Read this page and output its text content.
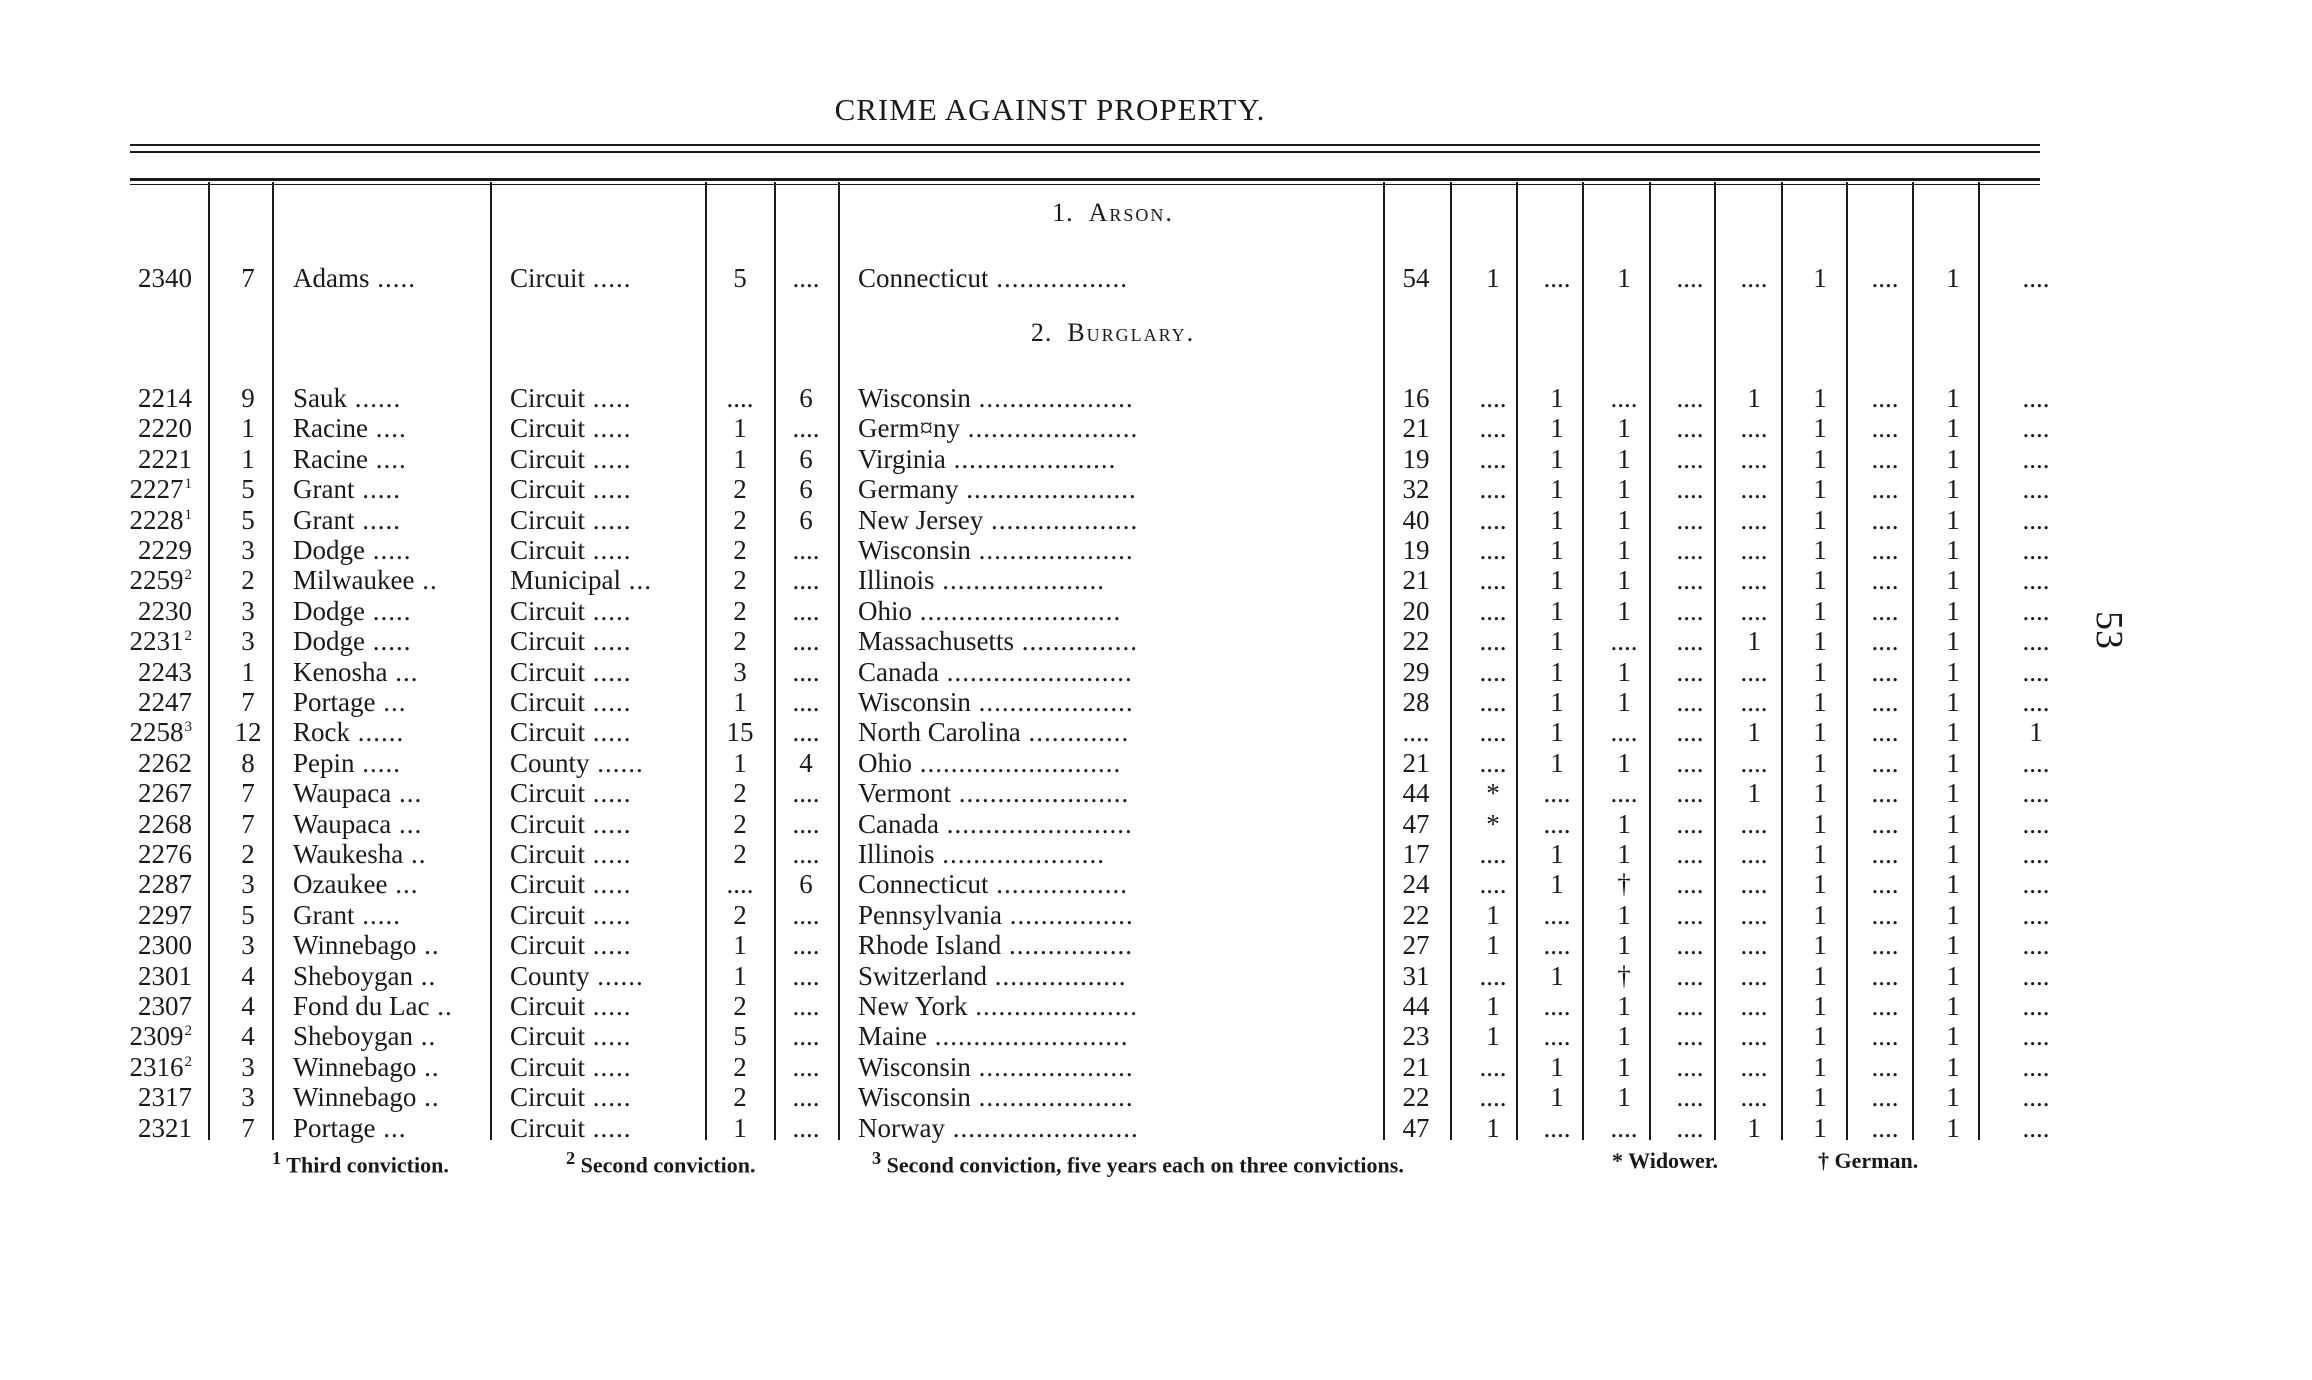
CRIME AGAINST PROPERTY.
53
1. Arson.
2. Burglary.
2340	7	Adams .....	Circuit .....	5	....	Connecticut .................	54	1	....	1	....	....	1	....	1	....
2214	9	Sauk ......	Circuit .....	....	6	Wisconsin ....................	16	....	1	....	....	1	1	....	1	....
2220	1	Racine ....	Circuit .....	1	....	Germ¤ny ......................	21	....	1	1	....	....	1	....	1	....
2221	1	Racine ....	Circuit .....	1	6	Virginia .....................	19	....	1	1	....	....	1	....	1	....
2227$^1$	5	Grant .....	Circuit .....	2	6	Germany ......................	32	....	1	1	....	....	1	....	1	....
2228$^1$	5	Grant .....	Circuit .....	2	6	New Jersey ...................	40	....	1	1	....	....	1	....	1	....
2229	3	Dodge .....	Circuit .....	2	....	Wisconsin ....................	19	....	1	1	....	....	1	....	1	....
2259$^2$	2	Milwaukee ..	Municipal ...	2	....	Illinois .....................	21	....	1	1	....	....	1	....	1	....
2230	3	Dodge .....	Circuit .....	2	....	Ohio ..........................	20	....	1	1	....	....	1	....	1	....
2231$^2$	3	Dodge .....	Circuit .....	2	....	Massachusetts ...............	22	....	1	....	....	1	1	....	1	....
2243	1	Kenosha ...	Circuit .....	3	....	Canada ........................	29	....	1	1	....	....	1	....	1	....
2247	7	Portage ...	Circuit .....	1	....	Wisconsin ....................	28	....	1	1	....	....	1	....	1	....
2258$^3$	12	Rock ......	Circuit .....	15	....	North Carolina .............	....	....	1	....	....	1	1	....	1	1
2262	8	Pepin .....	County ......	1	4	Ohio ..........................	21	....	1	1	....	....	1	....	1	....
2267	7	Waupaca ...	Circuit .....	2	....	Vermont ......................	44	*	....	....	....	1	1	....	1	....
2268	7	Waupaca ...	Circuit .....	2	....	Canada ........................	47	*	....	1	....	....	1	....	1	....
2276	2	Waukesha ..	Circuit .....	2	....	Illinois .....................	17	....	1	1	....	....	1	....	1	....
2287	3	Ozaukee ...	Circuit .....	....	6	Connecticut .................	24	....	1	†	....	....	1	....	1	....
2297	5	Grant .....	Circuit .....	2	....	Pennsylvania ................	22	1	....	1	....	....	1	....	1	....
2300	3	Winnebago ..	Circuit .....	1	....	Rhode Island ................	27	1	....	1	....	....	1	....	1	....
2301	4	Sheboygan ..	County ......	1	....	Switzerland .................	31	....	1	†	....	....	1	....	1	....
2307	4	Fond du Lac .. Circuit .....	2	....	New York .....................	44	1	....	1	....	....	1	....	1	....
2309$^2$	4	Sheboygan ..	Circuit .....	5	....	Maine .........................	23	1	....	1	....	....	1	....	1	....
2316$^2$	3	Winnebago ..	Circuit .....	2	....	Wisconsin ....................	21	....	1	1	....	....	1	....	1	....
2317	3	Winnebago ..	Circuit .....	2	....	Wisconsin ....................	22	....	1	1	....	....	1	....	1	....
2321	7	Portage ...	Circuit .....	1	....	Norway ........................	47	1	....	....	....	1	1	....	1	....
$^1$ Third conviction.	$^2$ Second conviction.	$^3$ Second conviction, five years each on three convictions.	* Widower.	† German.
